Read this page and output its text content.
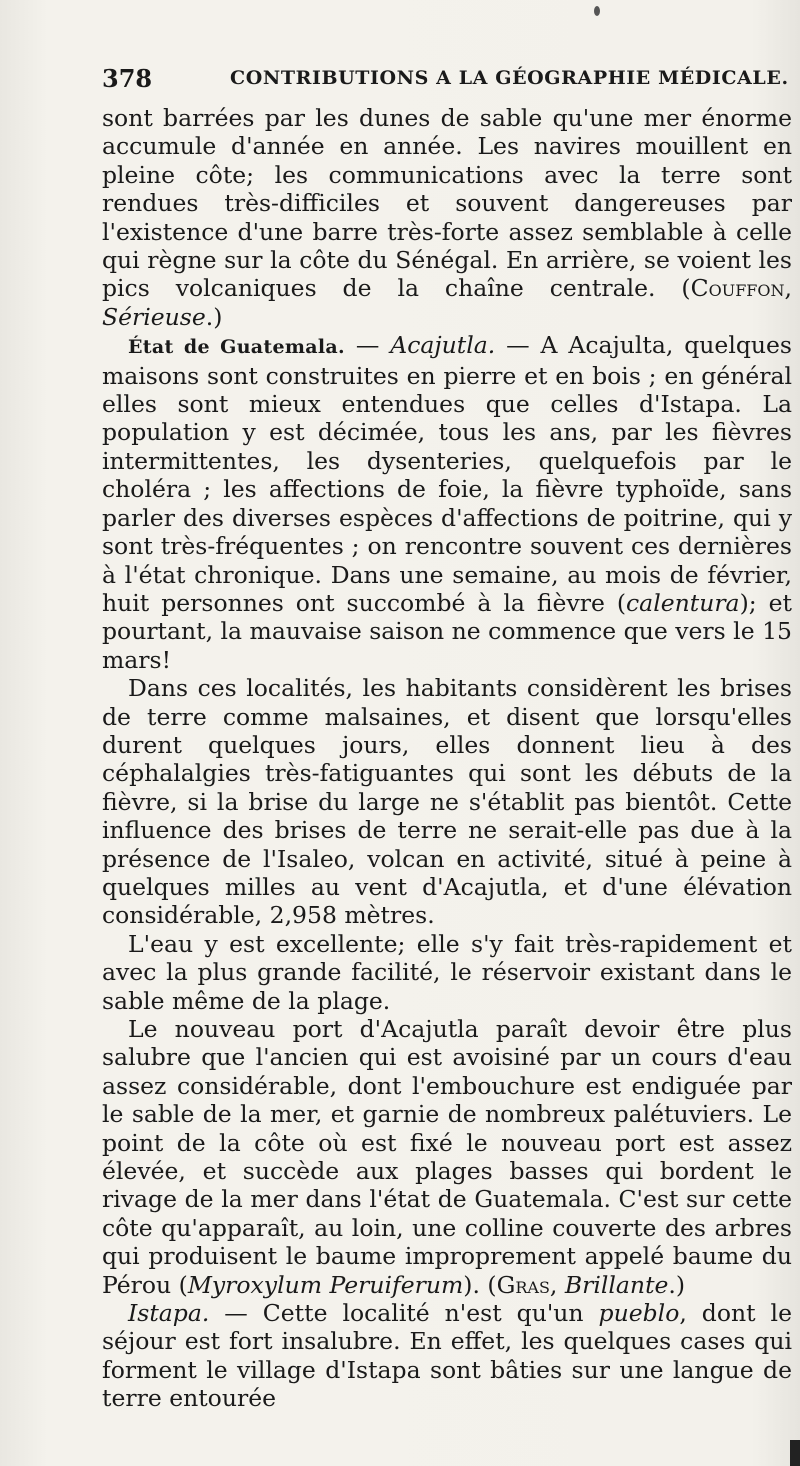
378	CONTRIBUTIONS A LA GÉOGRAPHIE MÉDICALE.

sont barrées par les dunes de sable qu'une mer énorme accumule d'année en année. Les navires mouillent en pleine côte; les communications avec la terre sont rendues très-difficiles et souvent dangereuses par l'existence d'une barre très-forte assez semblable à celle qui règne sur la côte du Sénégal. En arrière, se voient les pics volcaniques de la chaîne centrale. (Couffon, Sérieuse.)

État de Guatemala. — Acajutla. — A Acajulta, quelques maisons sont construites en pierre et en bois ; en général elles sont mieux entendues que celles d'Istapa. La population y est décimée, tous les ans, par les fièvres intermittentes, les dysenteries, quelquefois par le choléra ; les affections de foie, la fièvre typhoïde, sans parler des diverses espèces d'affections de poitrine, qui y sont très-fréquentes ; on rencontre souvent ces dernières à l'état chronique. Dans une semaine, au mois de février, huit personnes ont succombé à la fièvre (calentura); et pourtant, la mauvaise saison ne commence que vers le 15 mars!

Dans ces localités, les habitants considèrent les brises de terre comme malsaines, et disent que lorsqu'elles durent quelques jours, elles donnent lieu à des céphalalgies très-fatiguantes qui sont les débuts de la fièvre, si la brise du large ne s'établit pas bientôt. Cette influence des brises de terre ne serait-elle pas due à la présence de l'Isaleo, volcan en activité, situé à peine à quelques milles au vent d'Acajutla, et d'une élévation considérable, 2,958 mètres.

L'eau y est excellente; elle s'y fait très-rapidement et avec la plus grande facilité, le réservoir existant dans le sable même de la plage.

Le nouveau port d'Acajutla paraît devoir être plus salubre que l'ancien qui est avoisiné par un cours d'eau assez considérable, dont l'embouchure est endiguée par le sable de la mer, et garnie de nombreux palétuviers. Le point de la côte où est fixé le nouveau port est assez élevée, et succède aux plages basses qui bordent le rivage de la mer dans l'état de Guatemala. C'est sur cette côte qu'apparaît, au loin, une colline couverte des arbres qui produisent le baume improprement appelé baume du Pérou (Myroxylum Peruiferum). (Gras, Brillante.)

Istapa. — Cette localité n'est qu'un pueblo, dont le séjour est fort insalubre. En effet, les quelques cases qui forment le village d'Istapa sont bâties sur une langue de terre entourée
